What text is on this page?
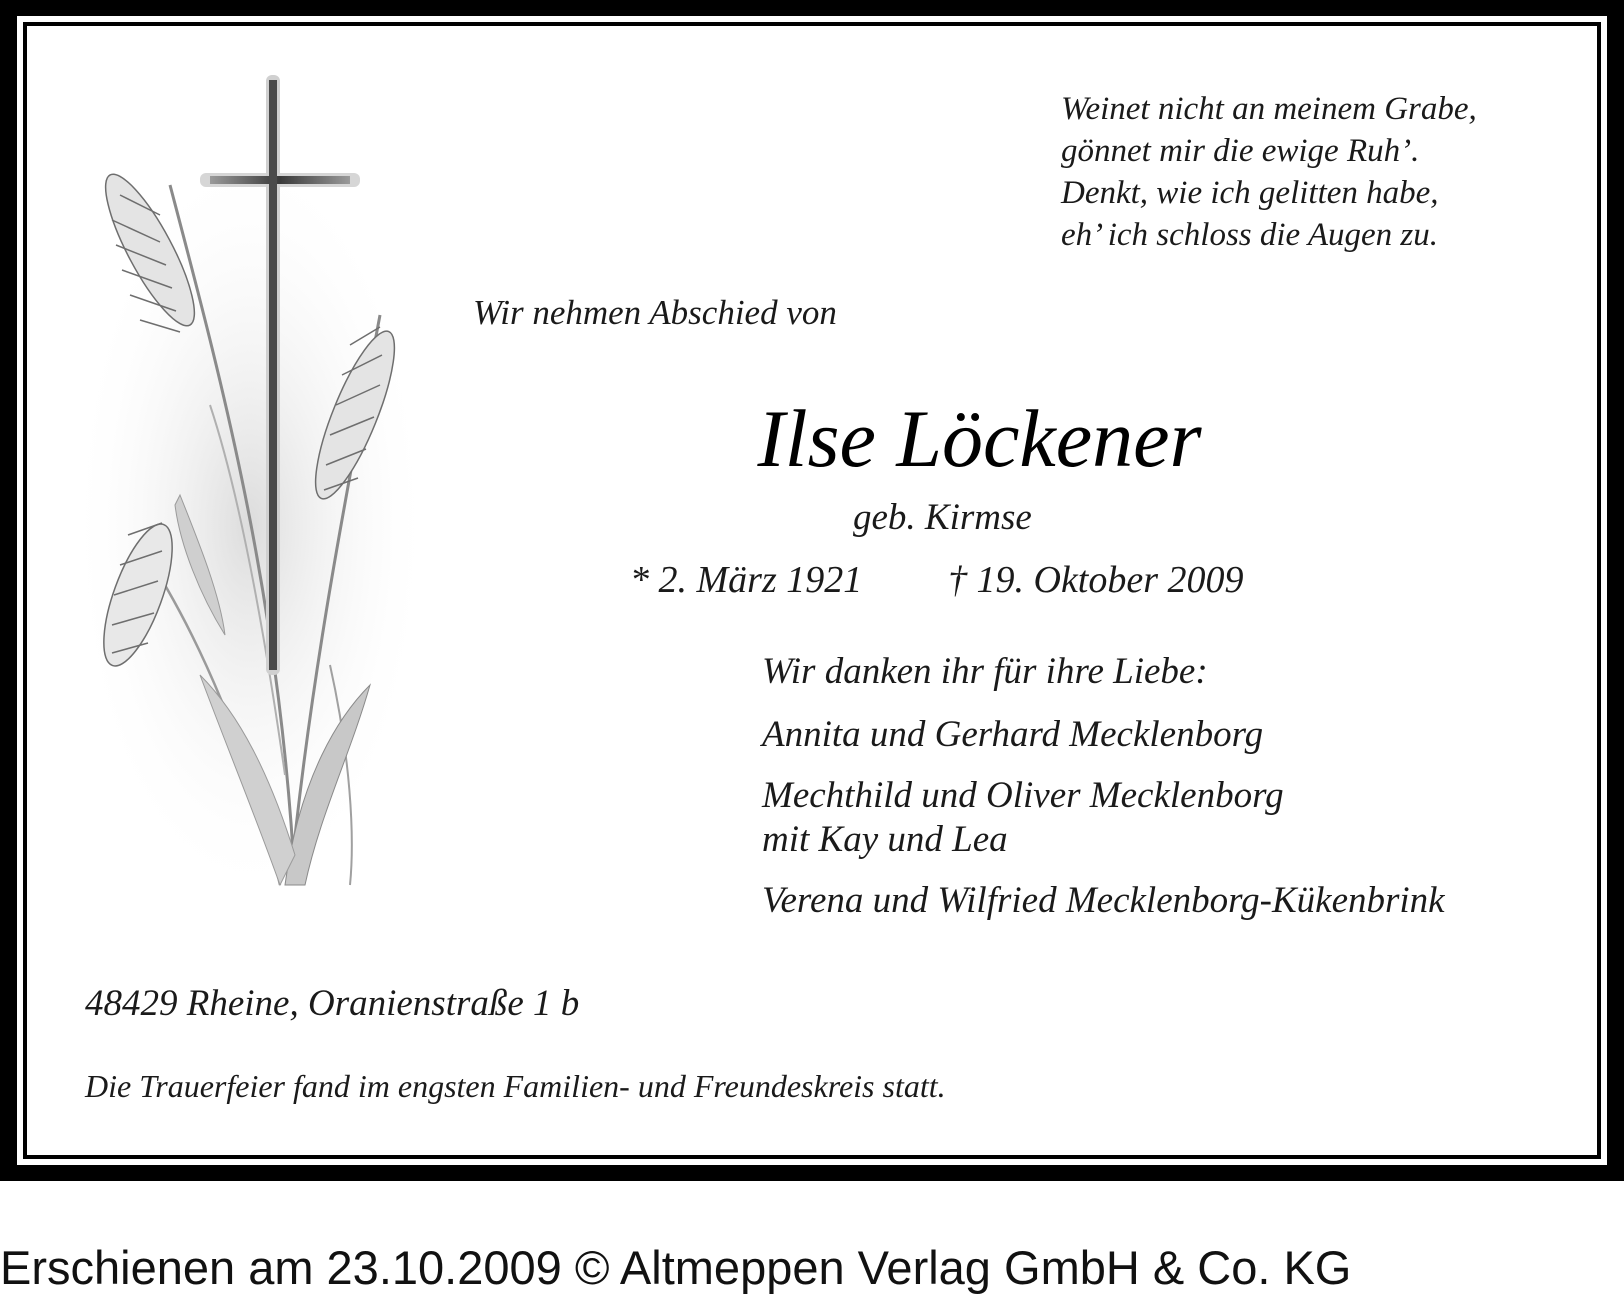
Weinet nicht an meinem Grabe,
gönnet mir die ewige Ruh’.
Denkt, wie ich gelitten habe,
eh’ ich schloss die Augen zu.
Wir nehmen Abschied von
Ilse Löckener
geb. Kirmse
* 2. März 1921 † 19. Oktober 2009
Wir danken ihr für ihre Liebe:
Annita und Gerhard Mecklenborg
Mechthild und Oliver Mecklenborg
mit Kay und Lea
Verena und Wilfried Mecklenborg-Kükenbrink
48429 Rheine, Oranienstraße 1 b
Die Trauerfeier fand im engsten Familien- und Freundeskreis statt.
Erschienen am 23.10.2009 © Altmeppen Verlag GmbH & Co. KG
